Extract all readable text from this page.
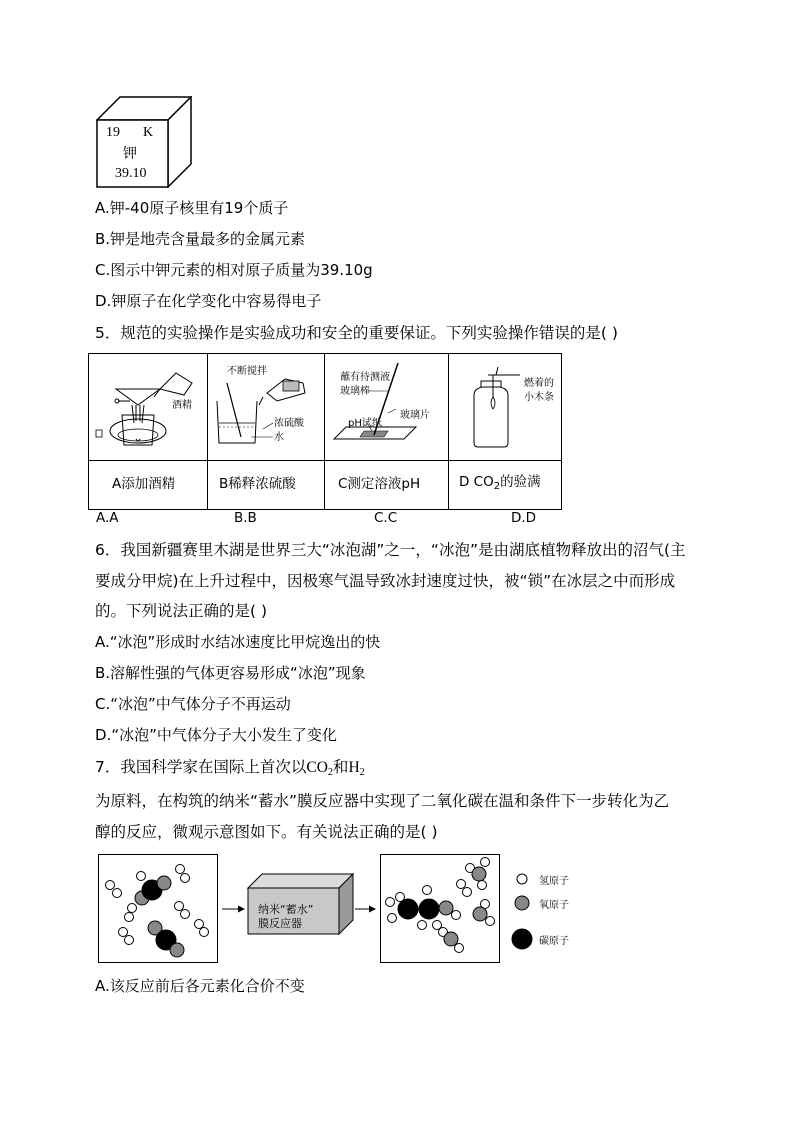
19 K
钾
39.10
A.钾-40原子核里有19个质子
B.钾是地壳含量最多的金属元素
C.图示中钾元素的相对原子质量为39.10g
D.钾原子在化学变化中容易得电子
5．规范的实验操作是实验成功和安全的重要保证。下列实验操作错误的是( )
酒精
不断搅拌
浓硫酸
水
蘸有待测液
玻璃棒
pH试纸
玻璃片
燃着的
小木条
A添加酒精	B稀释浓硫酸	C测定溶液pH	D $CO_2$的验满
A.A	B.B	C.C	D.D
6．我国新疆赛里木湖是世界三大“冰泡湖”之一，“冰泡”是由湖底植物释放出的沼气(主
要成分甲烷)在上升过程中，因极寒气温导致冰封速度过快，被“锁”在冰层之中而形成
的。下列说法正确的是( )
A.“冰泡”形成时水结冰速度比甲烷逸出的快
B.溶解性强的气体更容易形成“冰泡”现象
C.“冰泡”中气体分子不再运动
D.“冰泡”中气体分子大小发生了变化
7．我国科学家在国际上首次以$CO_2$和$H_2$
为原料，在构筑的纳米“蓄水”膜反应器中实现了二氧化碳在温和条件下一步转化为乙
醇的反应，微观示意图如下。有关说法正确的是( )
纳米“蓄水”
膜反应器
氢原子
氧原子
碳原子
A.该反应前后各元素化合价不变
